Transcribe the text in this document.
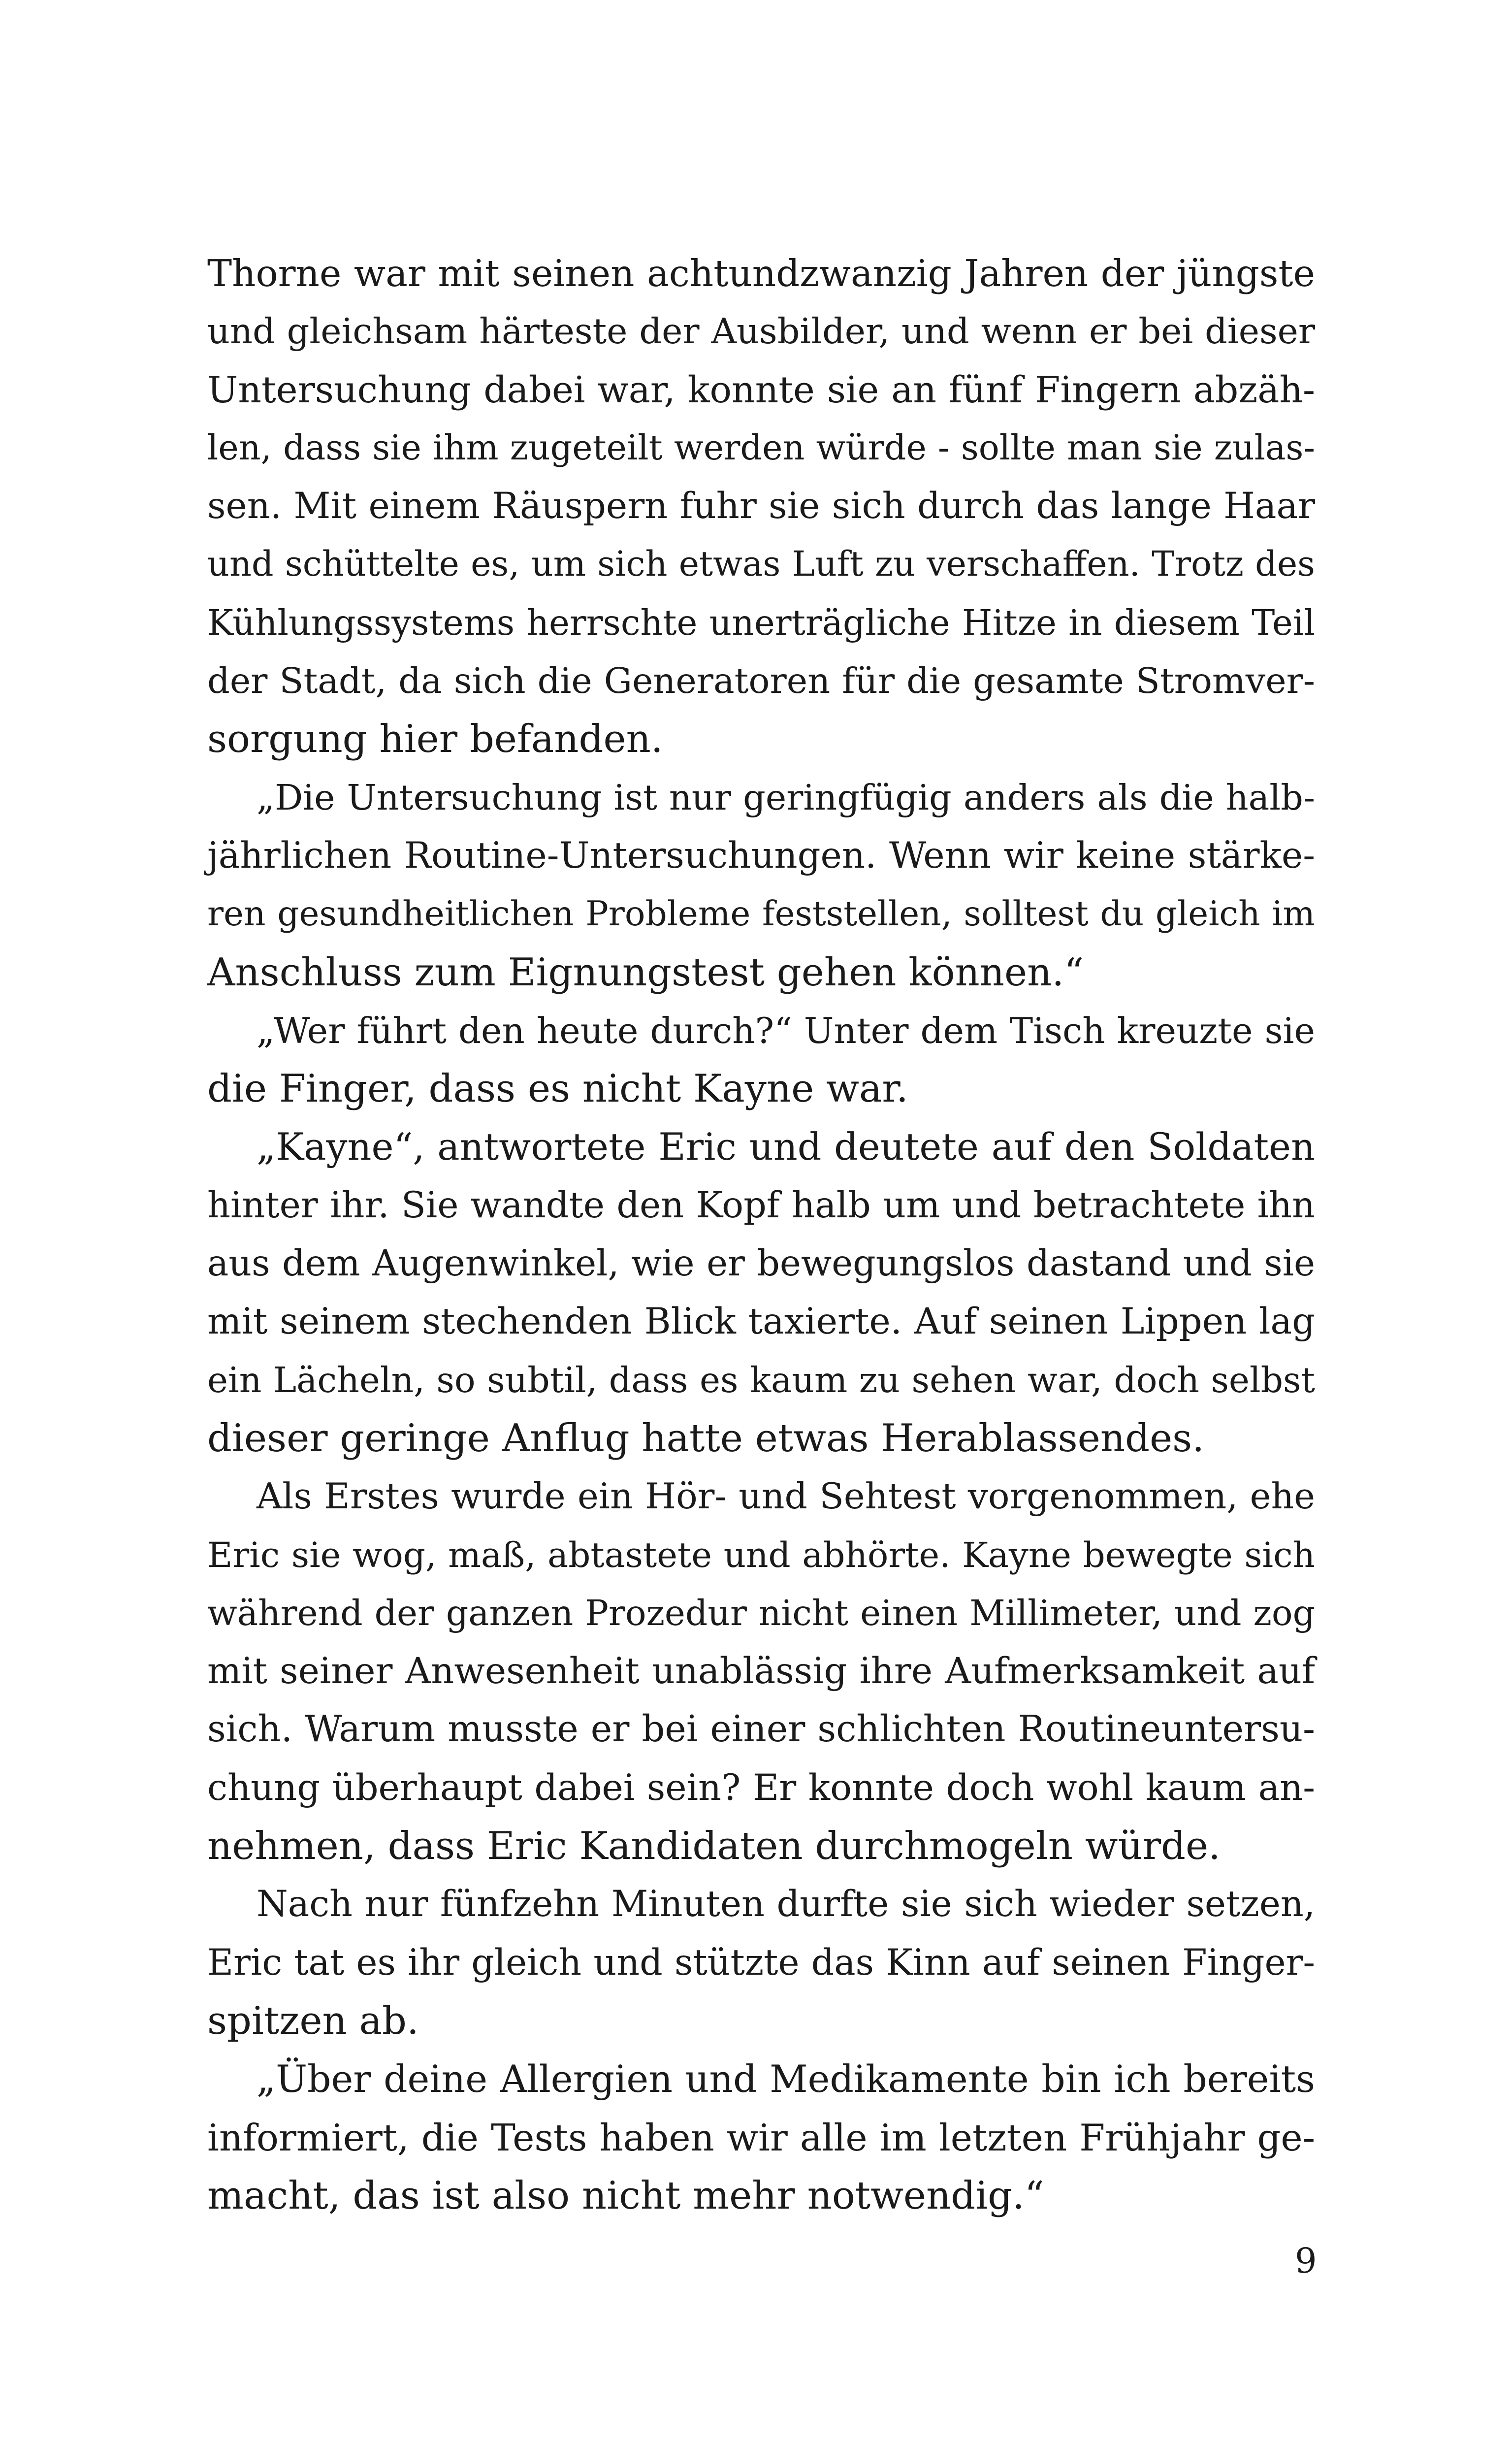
Thorne war mit seinen achtundzwanzig Jahren der jüngste
und gleichsam härteste der Ausbilder, und wenn er bei dieser
Untersuchung dabei war, konnte sie an fünf Fingern abzäh-
len, dass sie ihm zugeteilt werden würde - sollte man sie zulas-
sen. Mit einem Räuspern fuhr sie sich durch das lange Haar
und schüttelte es, um sich etwas Luft zu verschaffen. Trotz des
Kühlungssystems herrschte unerträgliche Hitze in diesem Teil
der Stadt, da sich die Generatoren für die gesamte Stromver-
sorgung hier befanden.
„Die Untersuchung ist nur geringfügig anders als die halb-
jährlichen Routine-Untersuchungen. Wenn wir keine stärke-
ren gesundheitlichen Probleme feststellen, solltest du gleich im
Anschluss zum Eignungstest gehen können.“
„Wer führt den heute durch?“ Unter dem Tisch kreuzte sie
die Finger, dass es nicht Kayne war.
„Kayne“, antwortete Eric und deutete auf den Soldaten
hinter ihr. Sie wandte den Kopf halb um und betrachtete ihn
aus dem Augenwinkel, wie er bewegungslos dastand und sie
mit seinem stechenden Blick taxierte. Auf seinen Lippen lag
ein Lächeln, so subtil, dass es kaum zu sehen war, doch selbst
dieser geringe Anflug hatte etwas Herablassendes.
Als Erstes wurde ein Hör- und Sehtest vorgenommen, ehe
Eric sie wog, maß, abtastete und abhörte. Kayne bewegte sich
während der ganzen Prozedur nicht einen Millimeter, und zog
mit seiner Anwesenheit unablässig ihre Aufmerksamkeit auf
sich. Warum musste er bei einer schlichten Routineuntersu-
chung überhaupt dabei sein? Er konnte doch wohl kaum an-
nehmen, dass Eric Kandidaten durchmogeln würde.
Nach nur fünfzehn Minuten durfte sie sich wieder setzen,
Eric tat es ihr gleich und stützte das Kinn auf seinen Finger-
spitzen ab.
„Über deine Allergien und Medikamente bin ich bereits
informiert, die Tests haben wir alle im letzten Frühjahr ge-
macht, das ist also nicht mehr notwendig.“
9
